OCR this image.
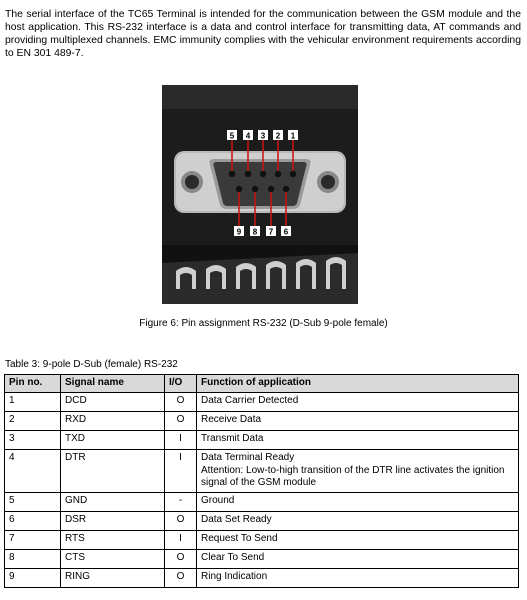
The serial interface of the TC65 Terminal is intended for the communication between the GSM module and the host application. This RS-232 interface is a data and control interface for transmitting data, AT commands and providing multiplexed channels. EMC immunity complies with the vehicular environment requirements according to EN 301 489-7.

5 4 3 2 1
9 8 7 6

Figure 6: Pin assignment RS-232 (D-Sub 9-pole female)

Table 3: 9-pole D-Sub (female) RS-232

Pin no.	Signal name	I/O	Function of application
1	DCD	O	Data Carrier Detected

2	RXD	O	Receive Data

3	TXD	I	Transmit Data

4	DTR	I	Data Terminal Ready
Attention: Low-to-high transition of the DTR line activates the ignition signal of the GSM module

5	GND	-	Ground

6	DSR	O	Data Set Ready

7	RTS	I	Request To Send

8	CTS	O	Clear To Send

9	RING	O	Ring Indication
